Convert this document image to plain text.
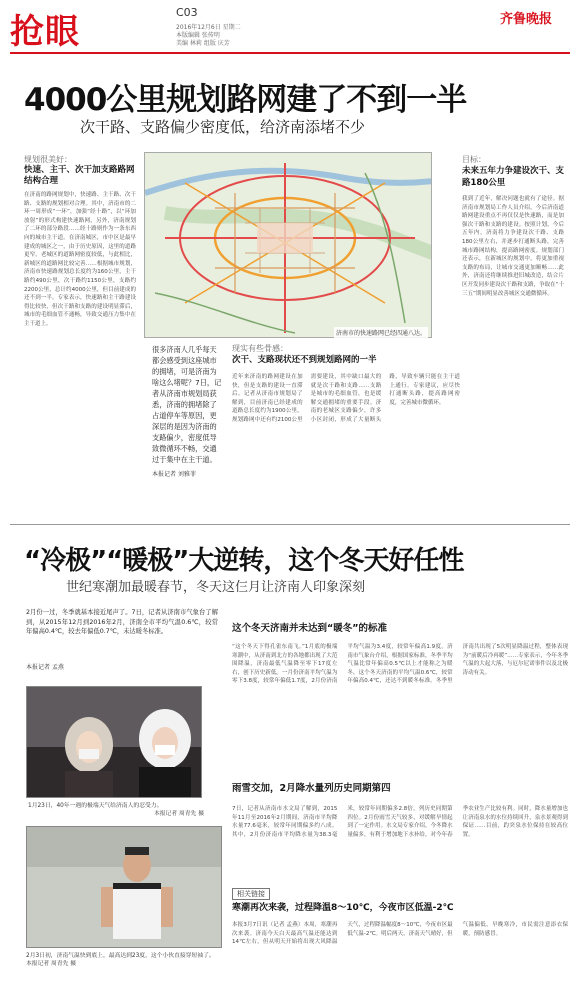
抢眼	C03
2016年12月6日 星期二
本版编辑 张传明
美编 林莉 组版 庆芳
齐鲁晚报
4000公里规划路网建了不到一半
次干路、支路偏少密度低，给济南添堵不少
规划很美好：
快速、主干、次干加支路路网结构合理
在济南的路网规划中，快速路、主干路、次干路、支路的规划相对合理。其中，济南市的二环一周形成“一环”，加强“经十路”，以“环加放射”的形式构建快速路网，另外，济南规划了二环的部分路段……经十路则作为一条东西向的城市主干道。在济南城区，市中区是最早建成的城区之一，由于历史原因，这里的道路更窄。老城区的道路网密度较低，与此相比，新城区的道路网比较完善……根据城市规划，济南市快速路规划总长度约为160公里，主干路约490公里，次干路约1150公里，支路约2200公里，总计约4000公里，但目前建成的还不到一半。专家表示，快速路和主干路建设得比较快，但次干路和支路的建设明显滞后，城市的毛细血管不通畅，导致交通压力集中在主干道上。
济南市的快速路网已经四通八达。
很多济南人几乎每天都会感受到这座城市的拥堵，可是济南为啥这么堵呢？7日，记者从济南市规划局获悉，济南的拥堵除了占道停车等原因，更深层的是因为济南的支路偏少，密度低导致微循环不畅，交通过于集中在主干道。
本报记者 刘雅菲
现实有些骨感：
次干、支路现状还不到规划路网的一半
近年来济南的路网建设在加快，但是支路的建设一直滞后。记者从济南市规划局了解到，目前济南已经建成的道路总长度约为1900公里，规划路网中还有约2100公里需要建设，其中缺口最大的就是次干路和支路……支路是城市的毛细血管，也是缓解交通拥堵的重要手段。济南的老城区支路偏少，许多小区封闭，形成了大量断头路，导致车辆只能在主干道上通行。专家建议，应尽快打通断头路，提高路网密度，完善城市微循环。
目标：
未来五年力争建设次干、支路180公里
我到了近年，解决问题也就有了途径。据济南市规划局工作人员介绍，今后济南道路网建设重点不再仅仅是快速路，而是加强次干路和支路的建设。按照计划，今后五年内，济南将力争建设次干路、支路180公里左右，并逐步打通断头路，完善城市路网结构，提高路网密度。规划部门还表示，在新城区的规划中，将更加重视支路的布局，让城市交通更加顺畅……此外，济南还将继续推进旧城改造，结合片区开发同步建设次干路和支路，争取在“十三五”期间明显改善城区交通微循环。
“冷极”“暖极”大逆转，这个冬天好任性
世纪寒潮加最暖春节，冬天这仨月让济南人印象深刻
2月份一过，冬季就基本接近尾声了。7日，记者从济南市气象台了解到，从2015年12月到2016年2月，济南全市平均气温0.6℃，较常年偏高0.4℃，较去年偏低0.7℃，未达暖冬标准。
本报记者 孟燕
1月23日，40年一遇的极端天气给济南人的忍受力。
本报记者 周青先 摄
2月3日初，济南气温快到底上，最高达到23度，这个小伙直接穿短袖了。 本报记者 周青先 摄
这个冬天济南并未达到“暖冬”的标准
“这个冬天下得孔雀东南飞。”1月底的极端寒潮中，从济南到北方的各地都出现了大范围降温，济南最低气温降至零下17度左右，创下历史新低。一月份济南平均气温为零下3.8度，较常年偏低1.7度，2月份济南平均气温为3.4度，较常年偏高1.9度。济南市气象台介绍，根据国家标准，冬季平均气温比常年偏高0.5℃以上才能称之为暖冬，这个冬天济南的平均气温0.6℃，较常年偏高0.4℃，还达不到暖冬标准。冬季里济南共出现了5次明显降温过程，整体表现为“前暖后冷再暖”……专家表示，今年冬季气温的大起大落，与厄尔尼诺事件以及北极涛动有关。
雨雪交加，2月降水量列历史同期第四
7日，记者从济南市水文局了解到，2015年11月至2016年2月期间，济南市平均降水量77.6毫米，较常年同期偏多约八成。其中，2月份济南市平均降水量为38.3毫米，较常年同期偏多2.8倍，列历史同期第四位。2月份雨雪天气较多，对缓解旱情起到了一定作用。水文局专家介绍，今冬降水量偏多，有利于增加地下水补给，对今年春季农业生产比较有利。同时，降水量增加也让济南泉水的水位持续回升，泉水景观得到保证……目前，趵突泉水位保持在较高位置。
相关链接
寒潮再次来袭，过程降温8～10℃，今夜市区低温-2℃
本报3月7日讯（记者 孟燕）本周，寒潮再次来袭。济南今天白天最高气温还能达到14℃左右，但从明天开始将出现大风降温天气，过程降温幅度8～10℃，今夜市区最低气温-2℃。明后两天，济南天气晴好，但气温偏低，早晚寒冷，市民需注意添衣保暖，预防感冒。
